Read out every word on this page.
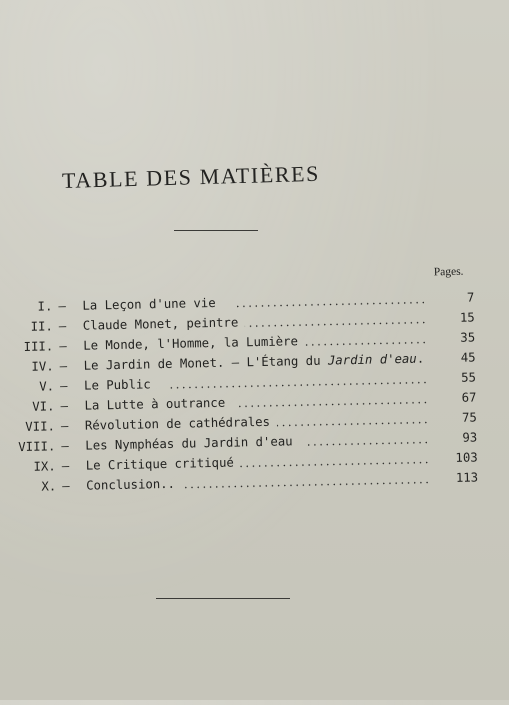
TABLE DES MATIÈRES
Pages.
I. — La Leçon d'une vie	7
II. — Claude Monet, peintre	15
III. — Le Monde, l'Homme, la Lumière	35
IV. — Le Jardin de Monet. — L'Étang du Jardin d'eau.	45
V. — Le Public	55
VI. — La Lutte à outrance	67
VII. — Révolution de cathédrales	75
VIII. — Les Nymphéas du Jardin d'eau	93
IX. — Le Critique critiqué	103
X. — Conclusion..	113
